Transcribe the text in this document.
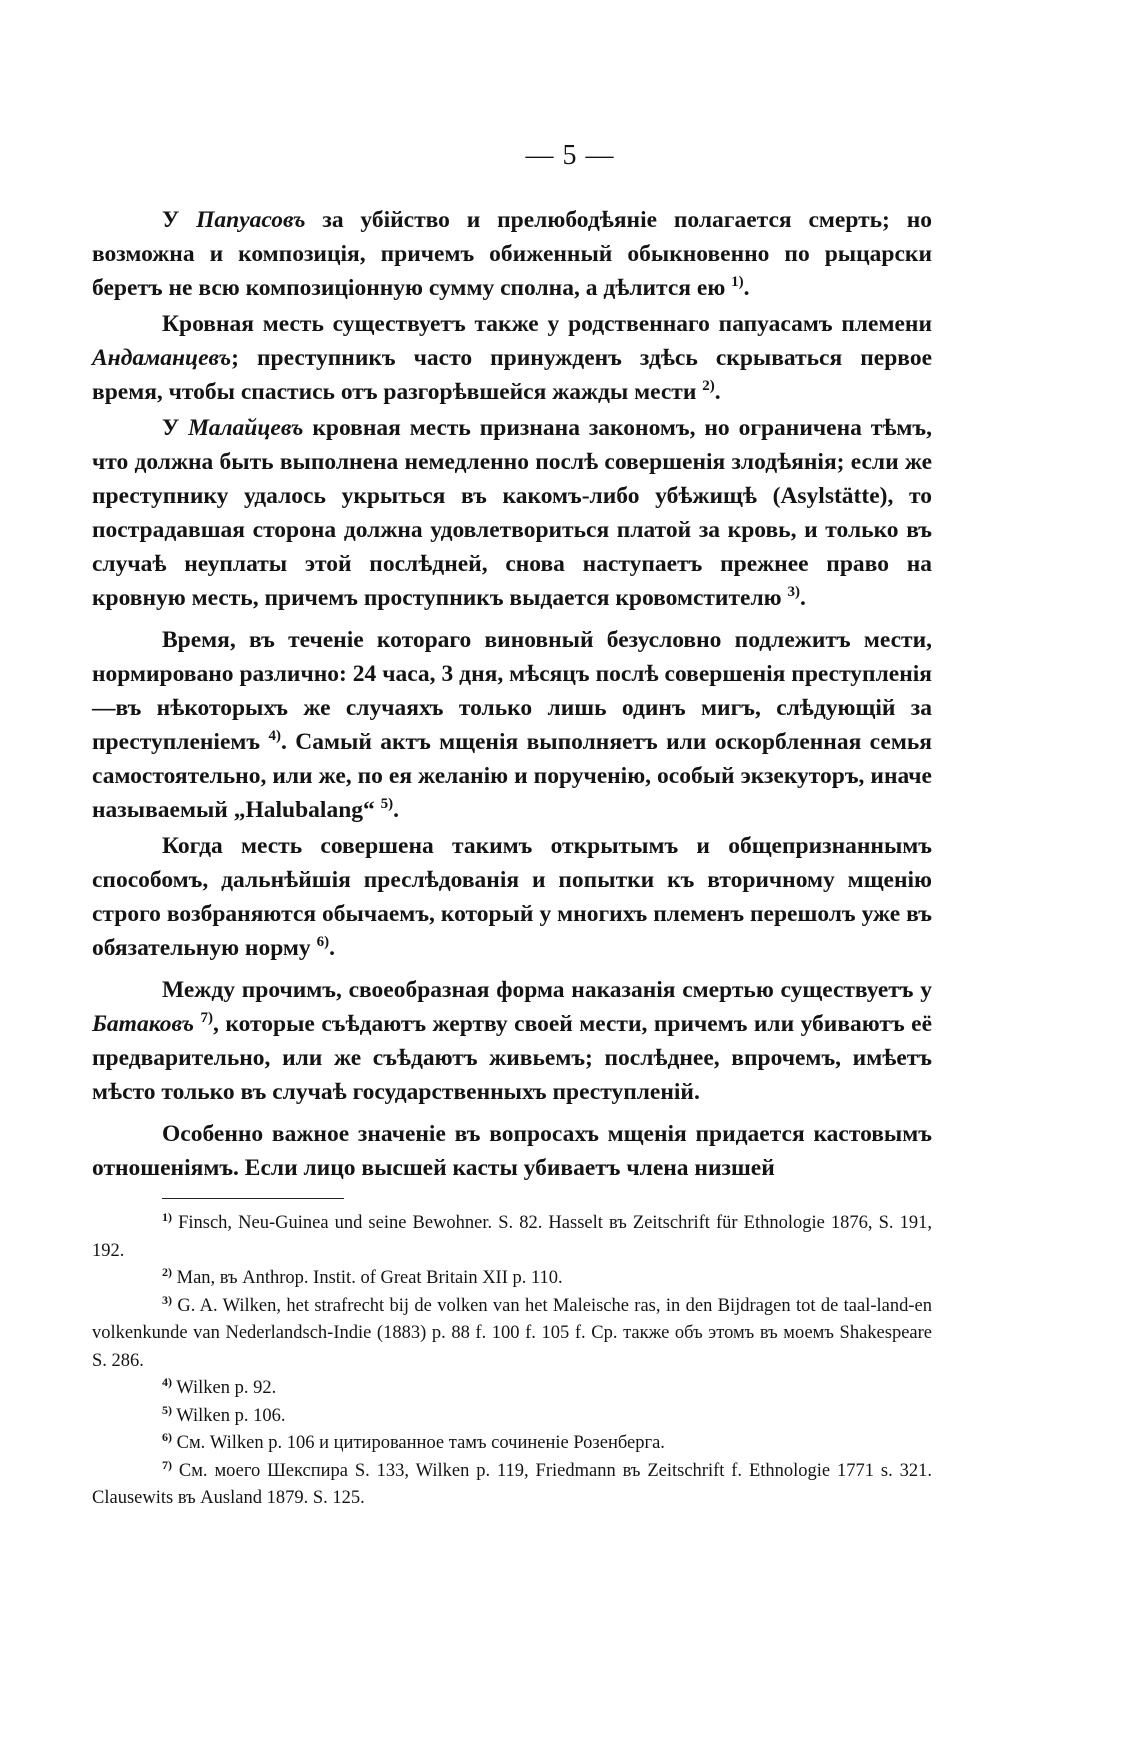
— 5 —

У Папуасовъ за убійство и прелюбодѣяніе полагается смерть; но возможна и композиція, причемъ обиженный обыкновенно по рыцарски беретъ не всю композиціонную сумму сполна, а дѣлится ею $^{1)}$.

Кровная месть существуетъ также у родственнаго папуасамъ племени Андаманцевъ; преступникъ часто принужденъ здѣсь скрываться первое время, чтобы спастись отъ разгорѣвшейся жажды мести $^{2)}$.

У Малайцевъ кровная месть признана закономъ, но ограничена тѣмъ, что должна быть выполнена немедленно послѣ совершенія злодѣянія; если же преступнику удалось укрыться въ какомъ-либо убѣжищѣ (Asylstätte), то пострадавшая сторона должна удовлетвориться платой за кровь, и только въ случаѣ неуплаты этой послѣдней, снова наступаетъ прежнее право на кровную месть, причемъ проступникъ выдается кровомстителю $^{3)}$.

Время, въ теченіе котораго виновный безусловно подлежитъ мести, нормировано различно: 24 часа, 3 дня, мѣсяцъ послѣ совершенія преступленія—въ нѣкоторыхъ же случаяхъ только лишь одинъ мигъ, слѣдующій за преступленіемъ $^{4)}$. Самый актъ мщенія выполняетъ или оскорбленная семья самостоятельно, или же, по ея желанію и порученію, особый экзекуторъ, иначе называемый „Halubalang“ $^{5)}$.

Когда месть совершена такимъ открытымъ и общепризнаннымъ способомъ, дальнѣйшія преслѣдованія и попытки къ вторичному мщенію строго возбраняются обычаемъ, который у многихъ племенъ перешолъ уже въ обязательную норму $^{6)}$.

Между прочимъ, своеобразная форма наказанія смертью существуетъ у Батаковъ $^{7)}$, которые съѣдаютъ жертву своей мести, причемъ или убиваютъ её предварительно, или же съѣдаютъ живьемъ; послѣднее, впрочемъ, имѣетъ мѣсто только въ случаѣ государственныхъ преступленій.

Особенно важное значеніе въ вопросахъ мщенія придается кастовымъ отношеніямъ. Если лицо высшей касты убиваетъ члена низшей

$^{1)}$ Finsch, Neu-Guinea und seine Bewohner. S. 82. Hasselt въ Zeitschrift für Ethnologie 1876, S. 191, 192.

$^{2)}$ Man, въ Anthrop. Instit. of Great Britain XII p. 110.

$^{3)}$ G. A. Wilken, het strafrecht bij de volken van het Maleische ras, in den Bijdragen tot de taal-land-en volkenkunde van Nederlandsch-Indie (1883) p. 88 f. 100 f. 105 f. Ср. также объ этомъ въ моемъ Shakespeare S. 286.

$^{4)}$ Wilken p. 92.

$^{5)}$ Wilken p. 106.

$^{6)}$ См. Wilken p. 106 и цитированное тамъ сочиненіе Розенберга.

$^{7)}$ См. моего Шекспира S. 133, Wilken p. 119, Friedmann въ Zeitschrift f. Ethnologie 1771 s. 321. Clausewits въ Ausland 1879. S. 125.
